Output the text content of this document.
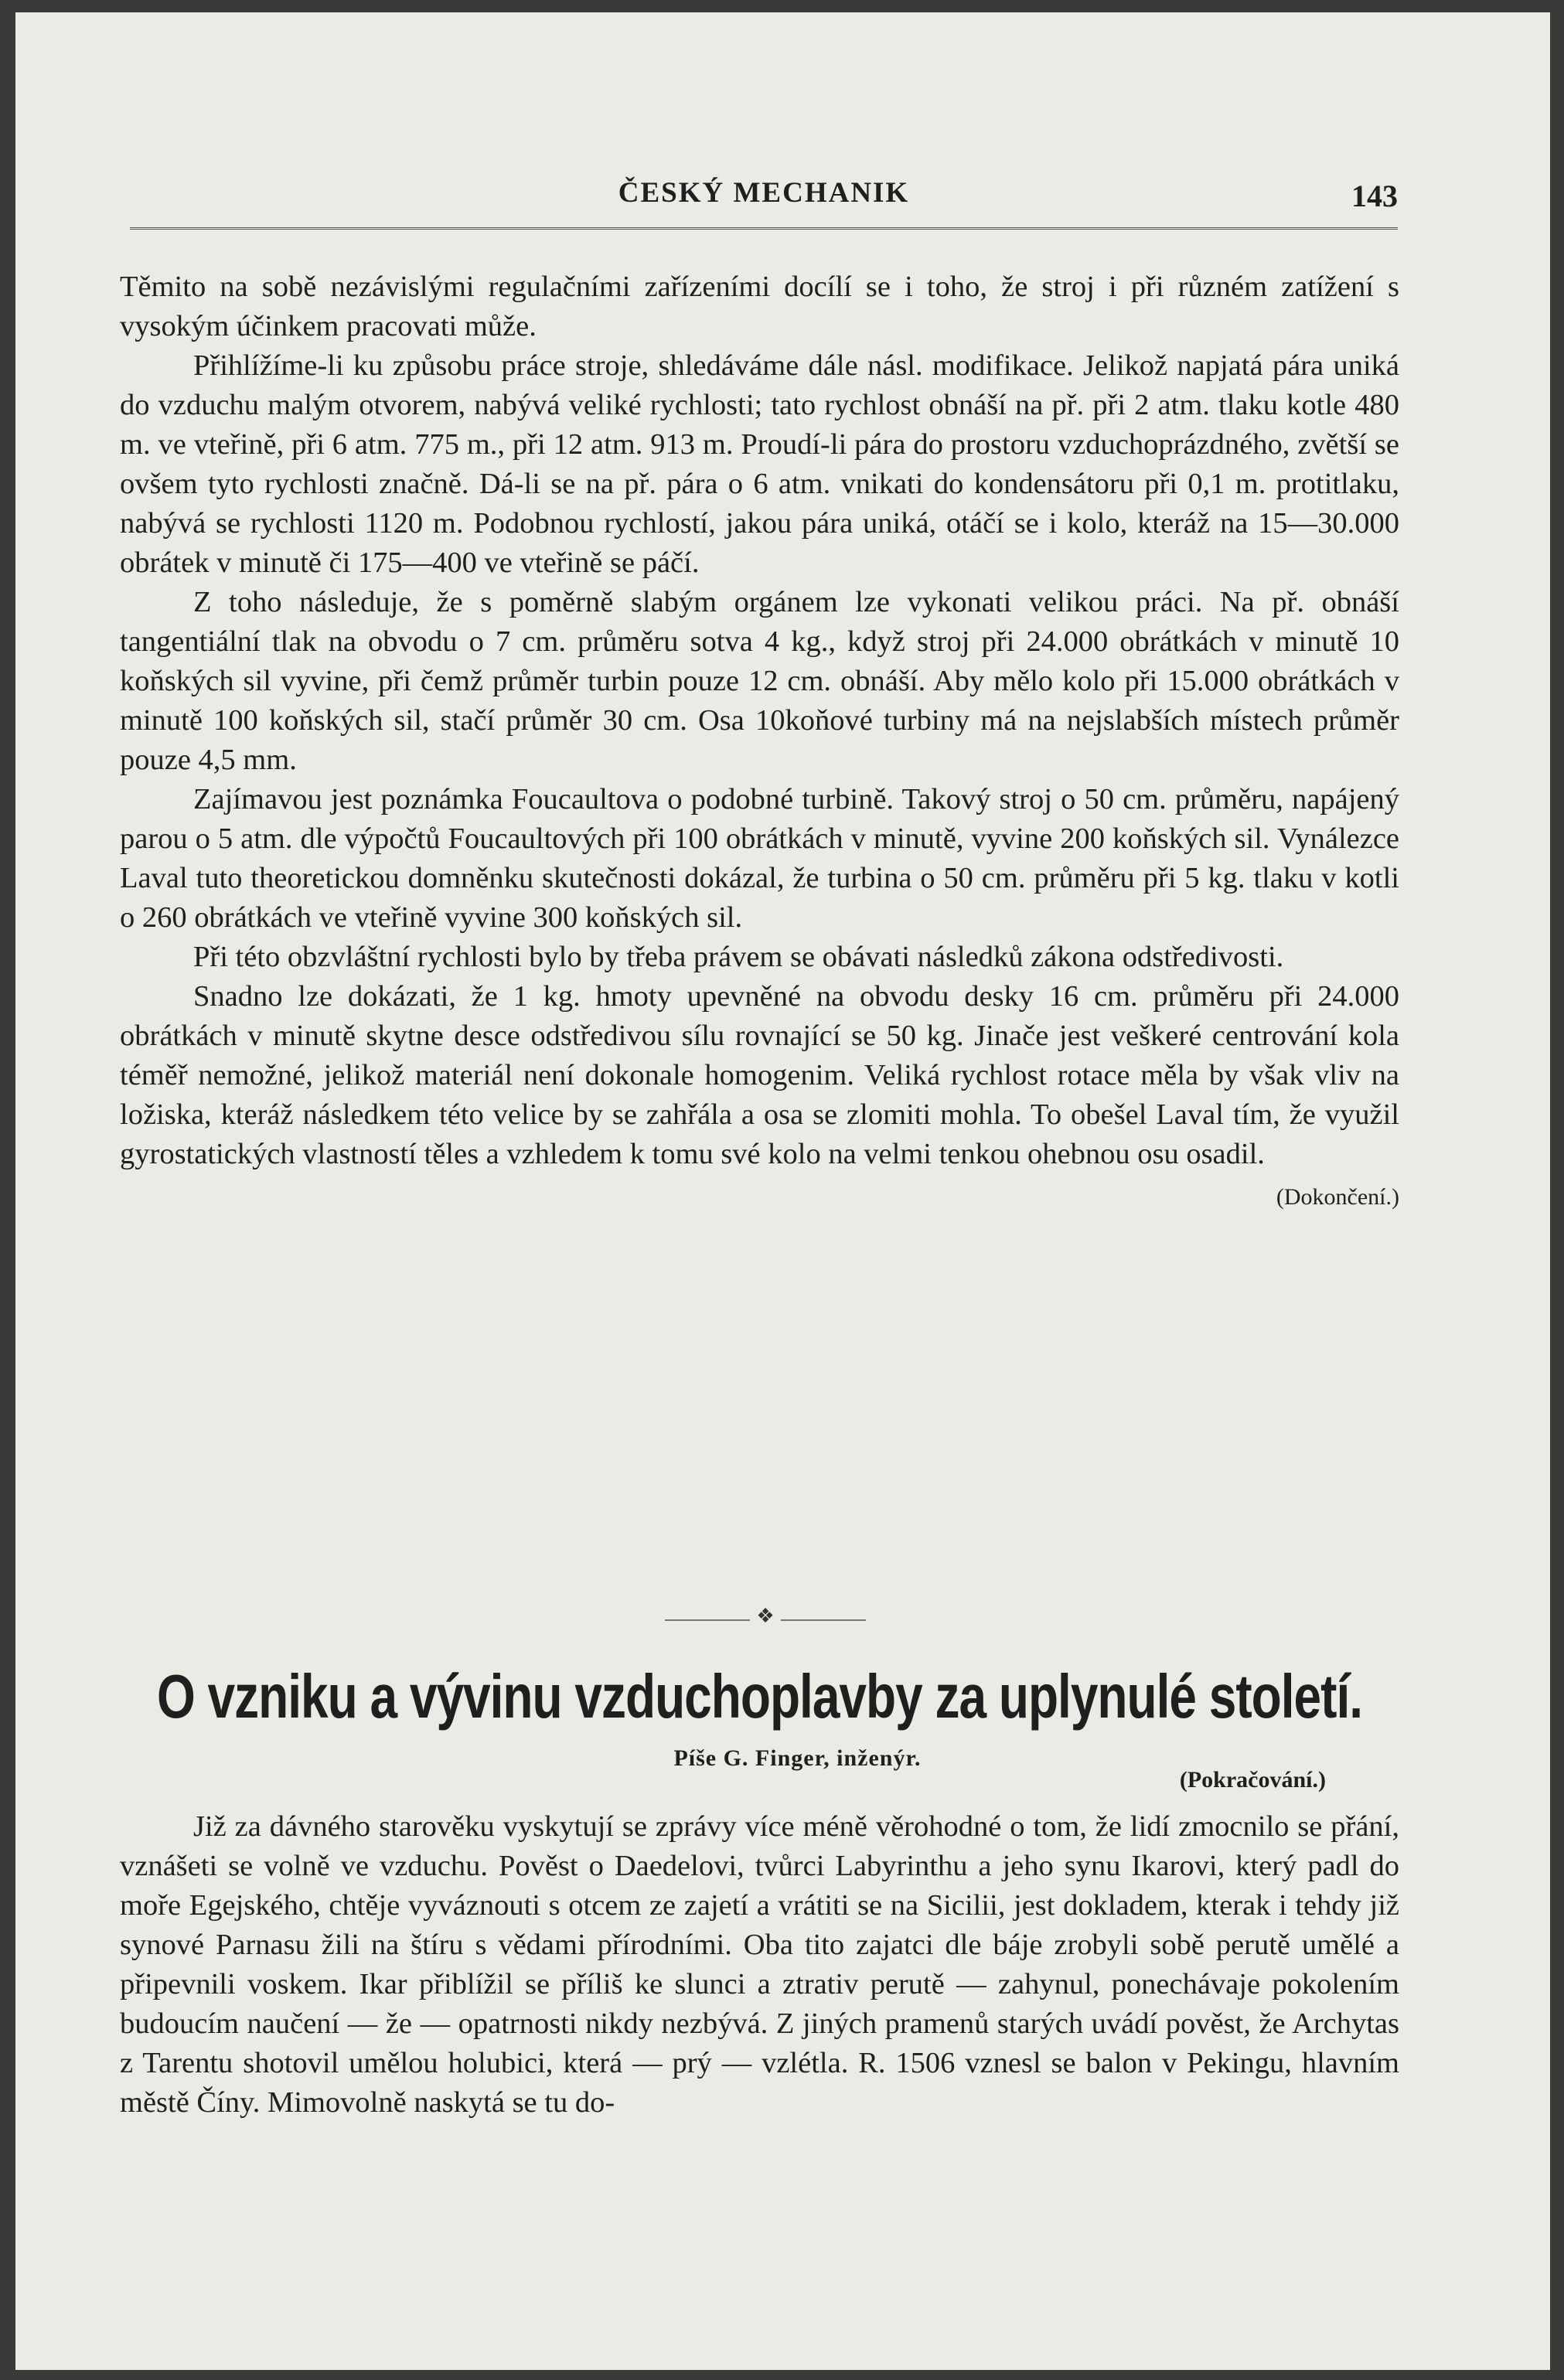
ČESKÝ MECHANIK	143

Těmito na sobě nezávislými regulačními zařízeními docílí se i toho, že stroj i při různém zatížení s vysokým účinkem pracovati může.

Přihlížíme-li ku způsobu práce stroje, shledáváme dále násl. modifikace. Jelikož napjatá pára uniká do vzduchu malým otvorem, nabývá veliké rychlosti; tato rychlost obnáší na př. při 2 atm. tlaku kotle 480 m. ve vteřině, při 6 atm. 775 m., při 12 atm. 913 m. Proudí-li pára do prostoru vzduchoprázdného, zvětší se ovšem tyto rychlosti značně. Dá-li se na př. pára o 6 atm. vnikati do kondensátoru při 0,1 m. protitlaku, nabývá se rychlosti 1120 m. Podobnou rychlostí, jakou pára uniká, otáčí se i kolo, kteráž na 15—30.000 obrátek v minutě či 175—400 ve vteřině se páčí.

Z toho následuje, že s poměrně slabým orgánem lze vykonati velikou práci. Na př. obnáší tangentiální tlak na obvodu o 7 cm. průměru sotva 4 kg., když stroj při 24.000 obrátkách v minutě 10 koňských sil vyvine, při čemž průměr turbin pouze 12 cm. obnáší. Aby mělo kolo při 15.000 obrátkách v minutě 100 koňských sil, stačí průměr 30 cm. Osa 10koňové turbiny má na nejslabších místech průměr pouze 4,5 mm.

Zajímavou jest poznámka Foucaultova o podobné turbině. Takový stroj o 50 cm. průměru, napájený parou o 5 atm. dle výpočtů Foucaultových při 100 obrátkách v minutě, vyvine 200 koňských sil. Vynálezce Laval tuto theoretickou domněnku skutečnosti dokázal, že turbina o 50 cm. průměru při 5 kg. tlaku v kotli o 260 obrátkách ve vteřině vyvine 300 koňských sil.

Při této obzvláštní rychlosti bylo by třeba právem se obávati následků zákona odstředivosti.

Snadno lze dokázati, že 1 kg. hmoty upevněné na obvodu desky 16 cm. průměru při 24.000 obrátkách v minutě skytne desce odstředivou sílu rovnající se 50 kg. Jinače jest veškeré centrování kola téměř nemožné, jelikož materiál není dokonale homogenim. Veliká rychlost rotace měla by však vliv na ložiska, kteráž následkem této velice by se zahřála a osa se zlomiti mohla. To obešel Laval tím, že využil gyrostatických vlastností těles a vzhledem k tomu své kolo na velmi tenkou ohebnou osu osadil.
(Dokončení.)

❖
O vzniku a vývinu vzduchoplavby za uplynulé století.
Píše G. Finger, inženýr.
(Pokračování.)

Již za dávného starověku vyskytují se zprávy více méně věrohodné o tom, že lidí zmocnilo se přání, vznášeti se volně ve vzduchu. Pověst o Daedelovi, tvůrci Labyrinthu a jeho synu Ikarovi, který padl do moře Egejského, chtěje vyváznouti s otcem ze zajetí a vrátiti se na Sicilii, jest dokladem, kterak i tehdy již synové Parnasu žili na štíru s vědami přírodními. Oba tito zajatci dle báje zrobyli sobě perutě umělé a připevnili voskem. Ikar přiblížil se příliš ke slunci a ztrativ perutě — zahynul, ponechávaje pokolením budoucím naučení — že — opatrnosti nikdy nezbývá. Z jiných pramenů starých uvádí pověst, že Archytas z Tarentu shotovil umělou holubici, která — prý — vzlétla. R. 1506 vznesl se balon v Pekingu, hlavním městě Číny. Mimovolně naskytá se tu do-
